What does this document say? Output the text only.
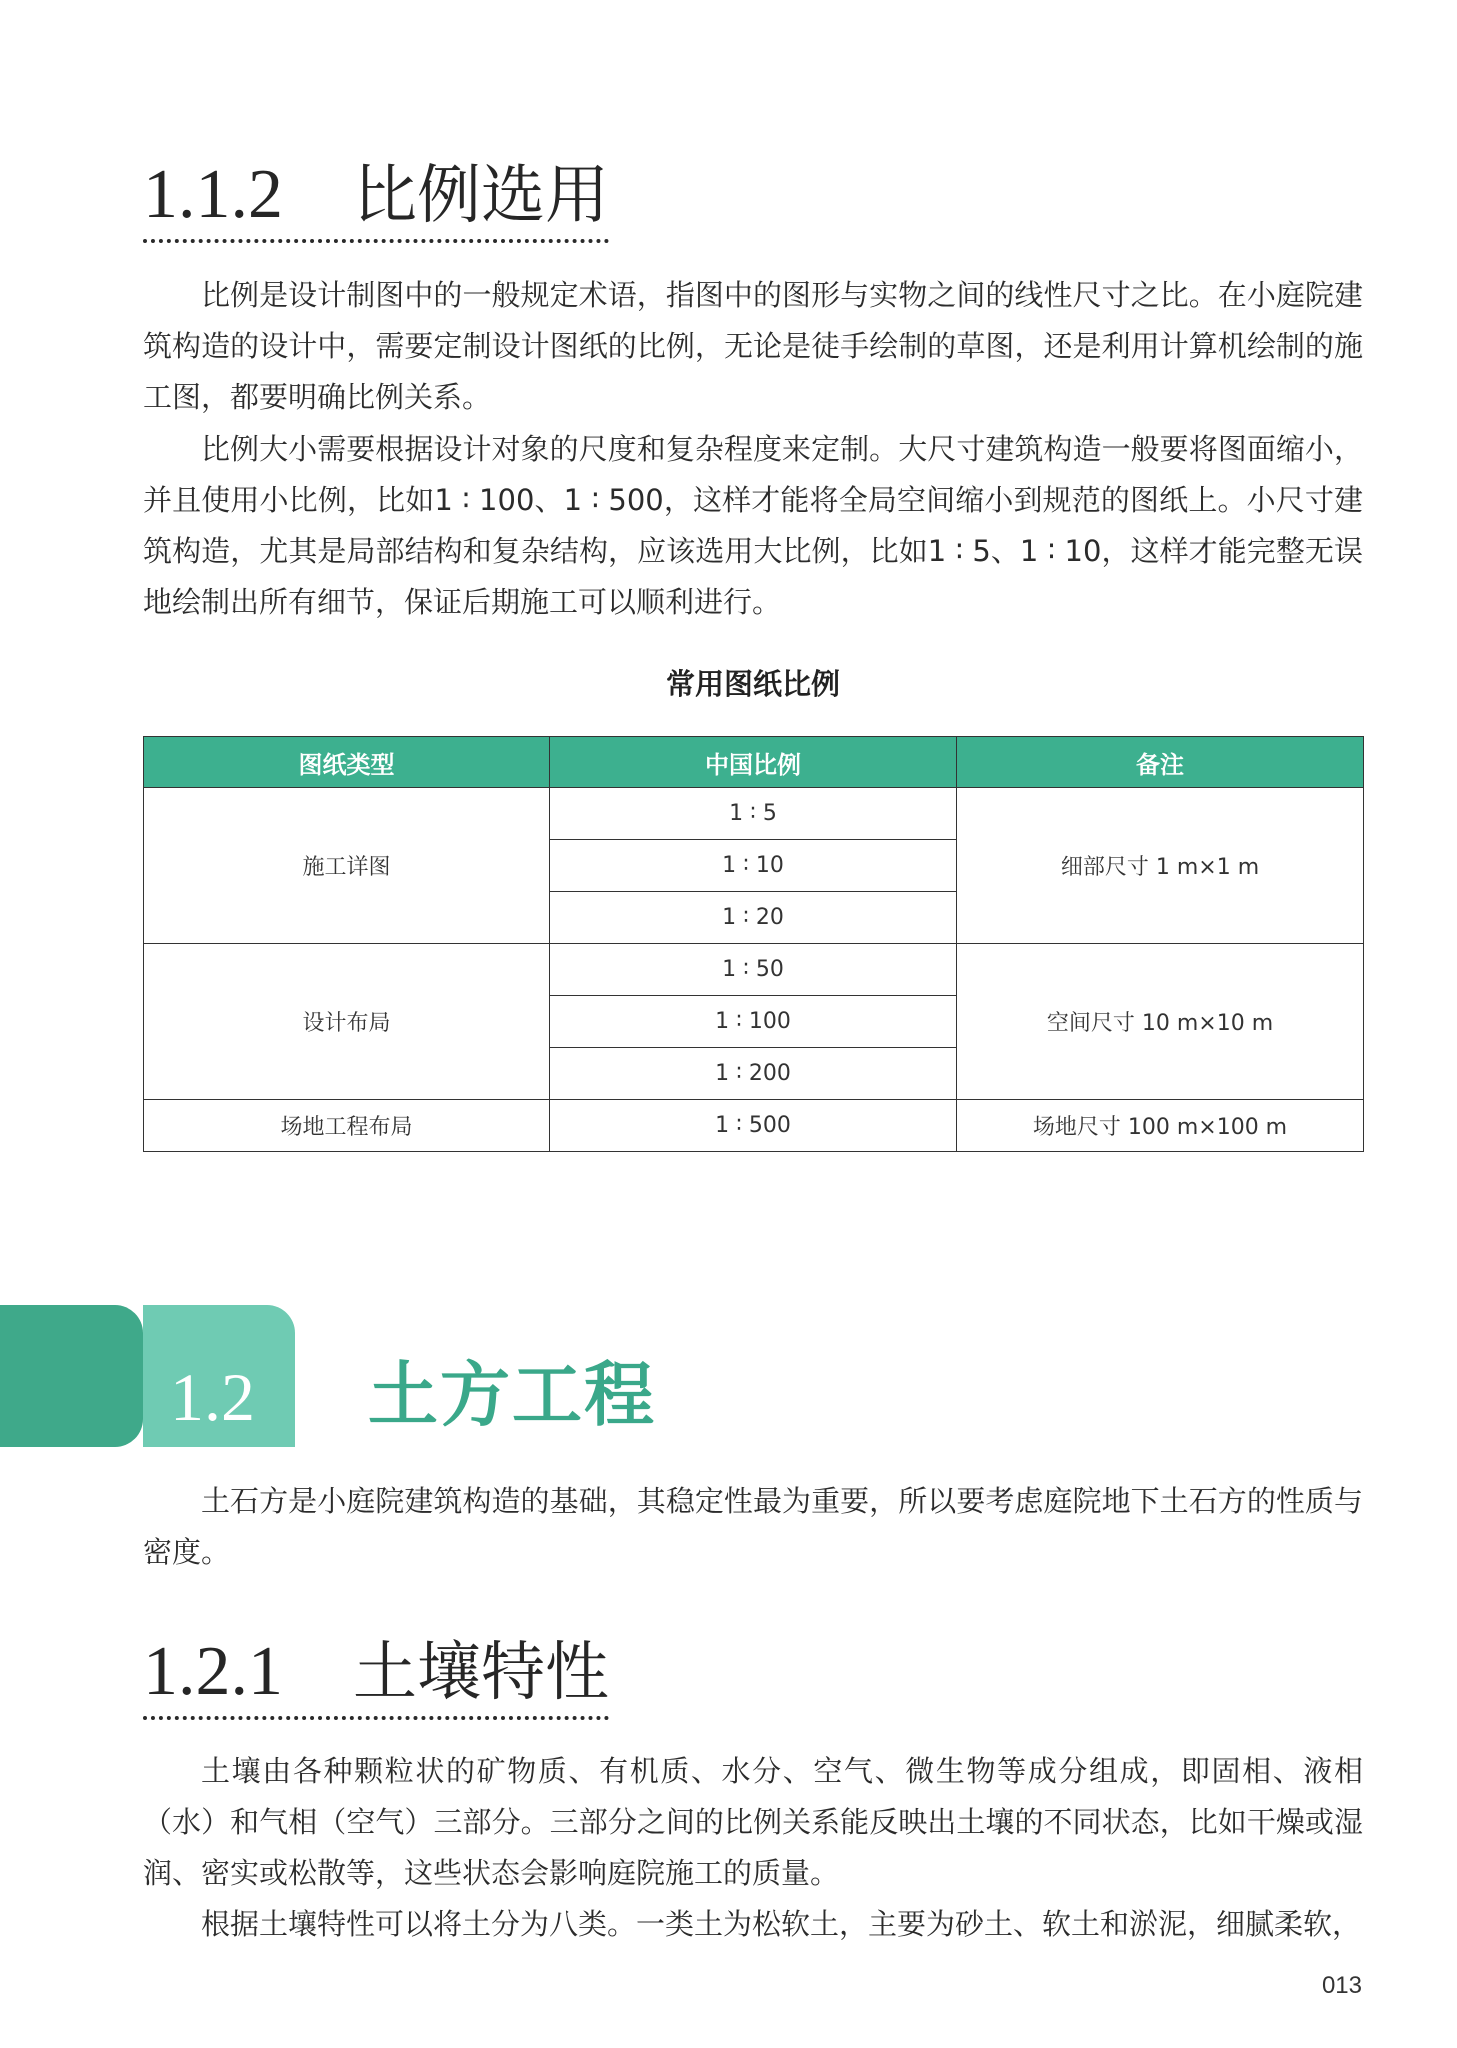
1.1.2 比例选用

比例是设计制图中的一般规定术语，指图中的图形与实物之间的线性尺寸之比。在小庭院建筑构造的设计中，需要定制设计图纸的比例，无论是徒手绘制的草图，还是利用计算机绘制的施工图，都要明确比例关系。

比例大小需要根据设计对象的尺度和复杂程度来定制。大尺寸建筑构造一般要将图面缩小，并且使用小比例，比如1 ∶ 100、1 ∶ 500，这样才能将全局空间缩小到规范的图纸上。小尺寸建筑构造，尤其是局部结构和复杂结构，应该选用大比例，比如1 ∶ 5、1 ∶ 10，这样才能完整无误地绘制出所有细节，保证后期施工可以顺利进行。

常用图纸比例

图纸类型	中国比例	备注
施工详图	1 ∶ 5	细部尺寸 1 m×1 m
	1 ∶ 10	
	1 ∶ 20	
设计布局	1 ∶ 50	空间尺寸 10 m×10 m
	1 ∶ 100	
	1 ∶ 200	
场地工程布局	1 ∶ 500	场地尺寸 100 m×100 m

1.2	土方工程

土石方是小庭院建筑构造的基础，其稳定性最为重要，所以要考虑庭院地下土石方的性质与密度。

1.2.1 土壤特性

土壤由各种颗粒状的矿物质、有机质、水分、空气、微生物等成分组成，即固相、液相（水）和气相（空气）三部分。三部分之间的比例关系能反映出土壤的不同状态，比如干燥或湿润、密实或松散等，这些状态会影响庭院施工的质量。

根据土壤特性可以将土分为八类。一类土为松软土，主要为砂土、软土和淤泥，细腻柔软，

013
